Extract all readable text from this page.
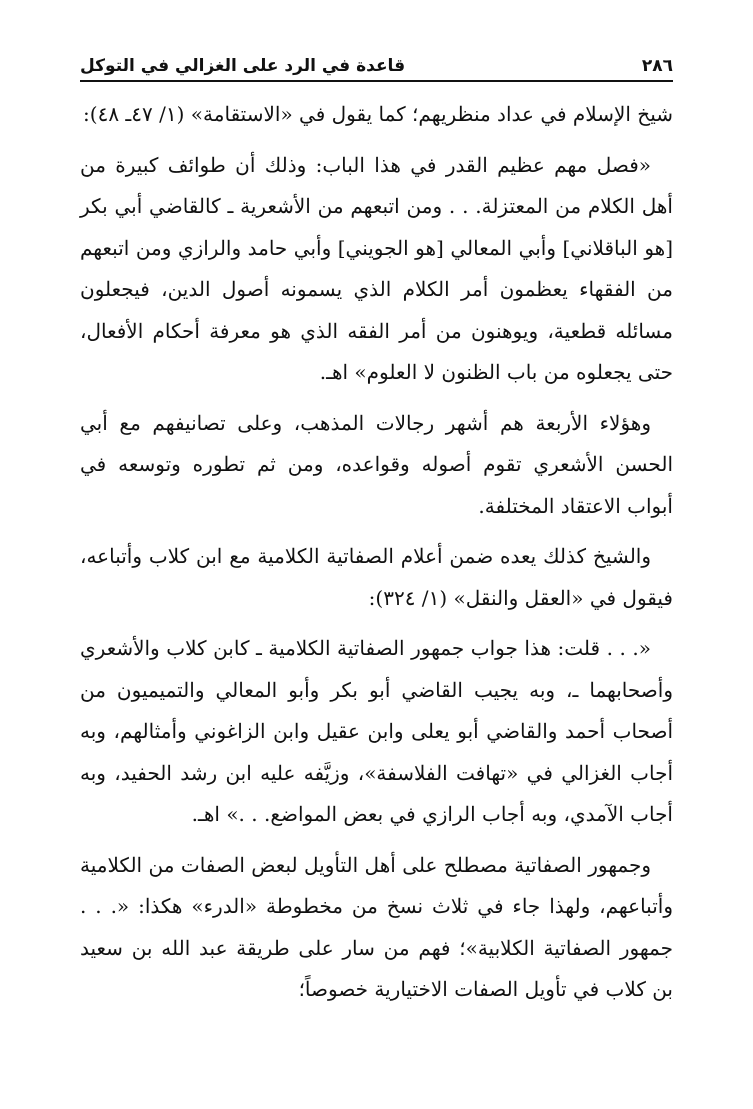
٢٨٦
قاعدة في الرد على الغزالي في التوكل

شيخ الإسلام في عداد منظريهم؛ كما يقول في «الاستقامة» (١/ ٤٧ـ ٤٨):

«فصل مهم عظيم القدر في هذا الباب: وذلك أن طوائف كبيرة من أهل الكلام من المعتزلة. . . ومن اتبعهم من الأشعرية ـ كالقاضي أبي بكر [هو الباقلاني] وأبي المعالي [هو الجويني] وأبي حامد والرازي ومن اتبعهم من الفقهاء يعظمون أمر الكلام الذي يسمونه أصول الدين، فيجعلون مسائله قطعية، ويوهنون من أمر الفقه الذي هو معرفة أحكام الأفعال، حتى يجعلوه من باب الظنون لا العلوم» اهـ.

وهؤلاء الأربعة هم أشهر رجالات المذهب، وعلى تصانيفهم مع أبي الحسن الأشعري تقوم أصوله وقواعده، ومن ثم تطوره وتوسعه في أبواب الاعتقاد المختلفة.

والشيخ كذلك يعده ضمن أعلام الصفاتية الكلامية مع ابن كلاب وأتباعه، فيقول في «العقل والنقل» (١/ ٣٢٤):

«. . . قلت: هذا جواب جمهور الصفاتية الكلامية ـ كابن كلاب والأشعري وأصحابهما ـ، وبه يجيب القاضي أبو بكر وأبو المعالي والتميميون من أصحاب أحمد والقاضي أبو يعلى وابن عقيل وابن الزاغوني وأمثالهم، وبه أجاب الغزالي في «تهافت الفلاسفة»، وزيَّفه عليه ابن رشد الحفيد، وبه أجاب الآمدي، وبه أجاب الرازي في بعض المواضع. . .» اهـ.

وجمهور الصفاتية مصطلح على أهل التأويل لبعض الصفات من الكلامية وأتباعهم، ولهذا جاء في ثلاث نسخ من مخطوطة «الدرء» هكذا: «. . . جمهور الصفاتية الكلابية»؛ فهم من سار على طريقة عبد الله بن سعيد بن كلاب في تأويل الصفات الاختيارية خصوصاً؛
